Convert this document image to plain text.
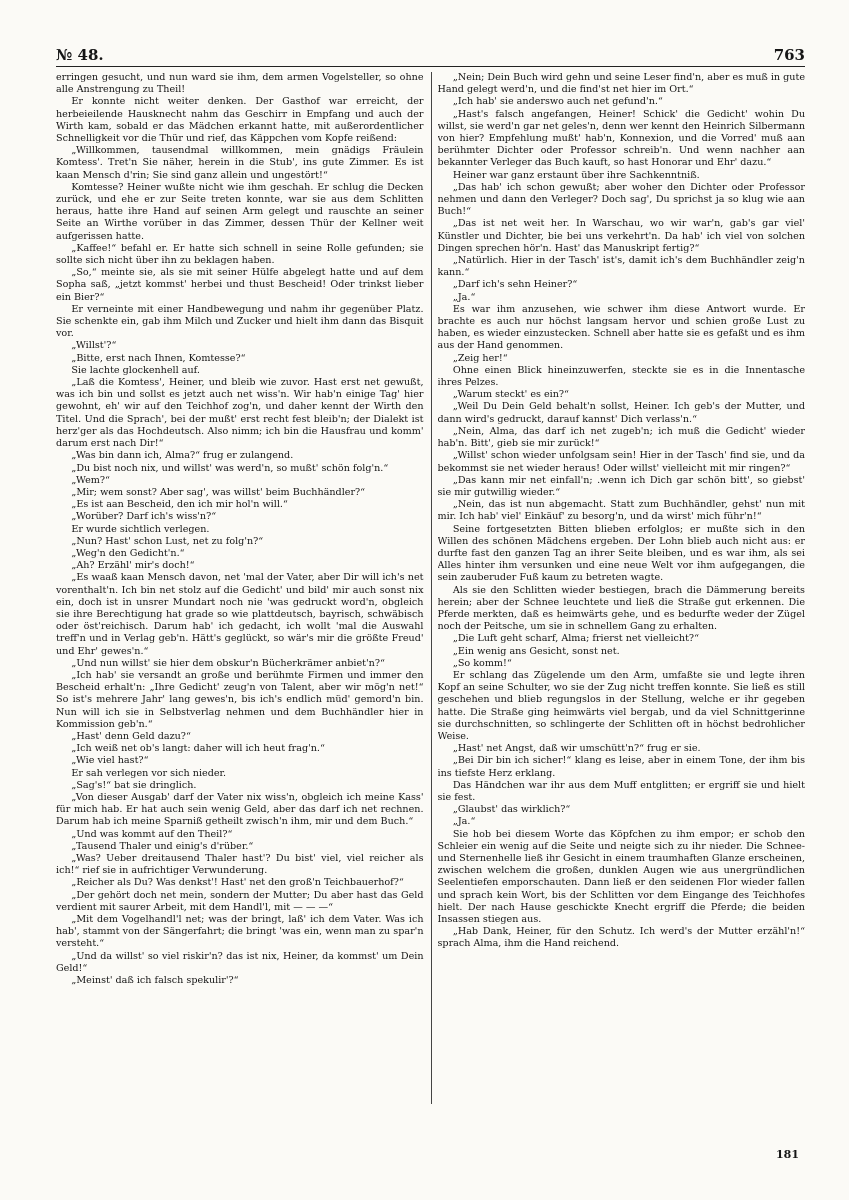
№ 48.	763

erringen gesucht, und nun ward sie ihm, dem armen Vogelsteller, so ohne alle Anstrengung zu Theil!

Er konnte nicht weiter denken. Der Gasthof war erreicht, der herbeieilende Hausknecht nahm das Geschirr in Empfang und auch der Wirth kam, sobald er das Mädchen erkannt hatte, mit außerordentlicher Schnelligkeit vor die Thür und rief, das Käppchen vom Kopfe reißend:

„Willkommen, tausendmal willkommen, mein gnädigs Fräulein Komtess'. Tret'n Sie näher, herein in die Stub', ins gute Zimmer. Es ist kaan Mensch d'rin; Sie sind ganz allein und ungestört!“

Komtesse? Heiner wußte nicht wie ihm geschah. Er schlug die Decken zurück, und ehe er zur Seite treten konnte, war sie aus dem Schlitten heraus, hatte ihre Hand auf seinen Arm gelegt und rauschte an seiner Seite an Wirthe vorüber in das Zimmer, dessen Thür der Kellner weit aufgerissen hatte.

„Kaffee!“ befahl er. Er hatte sich schnell in seine Rolle gefunden; sie sollte sich nicht über ihn zu beklagen haben.

„So,“ meinte sie, als sie mit seiner Hülfe abgelegt hatte und auf dem Sopha saß, „jetzt kommst' herbei und thust Bescheid! Oder trinkst lieber ein Bier?“

Er verneinte mit einer Handbewegung und nahm ihr gegenüber Platz. Sie schenkte ein, gab ihm Milch und Zucker und hielt ihm dann das Bisquit vor.

„Willst'?“

„Bitte, erst nach Ihnen, Komtesse?“

Sie lachte glockenhell auf.

„Laß die Komtess', Heiner, und bleib wie zuvor. Hast erst net gewußt, was ich bin und sollst es jetzt auch net wiss'n. Wir hab'n einige Tag' hier gewohnt, eh' wir auf den Teichhof zog'n, und daher kennt der Wirth den Titel. Und die Sprach', bei der mußt' erst recht fest bleib'n; der Dialekt ist herz'ger als das Hochdeutsch. Also nimm; ich bin die Hausfrau und komm' darum erst nach Dir!“

„Was bin dann ich, Alma?“ frug er zulangend.

„Du bist noch nix, und willst' was werd'n, so mußt' schön folg'n.“

„Wem?“

„Mir; wem sonst? Aber sag', was willst' beim Buchhändler?“

„Es ist aan Bescheid, den ich mir hol'n will.“

„Worüber? Darf ich's wiss'n?“

Er wurde sichtlich verlegen.

„Nun? Hast' schon Lust, net zu folg'n?“

„Weg'n den Gedicht'n.“

„Ah? Erzähl' mir's doch!“

„Es waaß kaan Mensch davon, net 'mal der Vater, aber Dir will ich's net vorenthalt'n. Ich bin net stolz auf die Gedicht' und bild' mir auch sonst nix ein, doch ist in unsrer Mundart noch nie 'was gedruckt word'n, obgleich sie ihre Berechtigung hat grade so wie plattdeutsch, bayrisch, schwäbisch oder öst'reichisch. Darum hab' ich gedacht, ich wollt 'mal die Auswahl treff'n und in Verlag geb'n. Hätt's geglückt, so wär's mir die größte Freud' und Ehr' gewes'n.“

„Und nun willst' sie hier dem obskur'n Bücherkrämer anbiet'n?“

„Ich hab' sie versandt an große und berühmte Firmen und immer den Bescheid erhalt'n: „Ihre Gedicht' zeug'n von Talent, aber wir mög'n net!“ So ist's mehrere Jahr' lang gewes'n, bis ich's endlich müd' gemord'n bin. Nun will ich sie in Selbstverlag nehmen und dem Buchhändler hier in Kommission geb'n.“

„Hast' denn Geld dazu?“

„Ich weiß net ob's langt: daher will ich heut frag'n.“

„Wie viel hast?“

Er sah verlegen vor sich nieder.

„Sag's!“ bat sie dringlich.

„Von dieser Ausgab' darf der Vater nix wiss'n, obgleich ich meine Kass' für mich hab. Er hat auch sein wenig Geld, aber das darf ich net rechnen. Darum hab ich meine Sparniß getheilt zwisch'n ihm, mir und dem Buch.“

„Und was kommt auf den Theil?“

„Tausend Thaler und einig's d'rüber.“

„Was? Ueber dreitausend Thaler hast'? Du bist' viel, viel reicher als ich!“ rief sie in aufrichtiger Verwunderung.

„Reicher als Du? Was denkst'! Hast' net den groß'n Teichbauerhof?“

„Der gehört doch net mein, sondern der Mutter; Du aber hast das Geld verdient mit saurer Arbeit, mit dem Handl'l, mit — — —“

„Mit dem Vogelhandl'l net; was der bringt, laß' ich dem Vater. Was ich hab', stammt von der Sängerfahrt; die bringt 'was ein, wenn man zu spar'n versteht.“

„Und da willst' so viel riskir'n? das ist nix, Heiner, da kommst' um Dein Geld!“

„Meinst' daß ich falsch spekulir'?“

„Nein; Dein Buch wird gehn und seine Leser find'n, aber es muß in gute Hand gelegt werd'n, und die find'st net hier im Ort.“

„Ich hab' sie anderswo auch net gefund'n.“

„Hast's falsch angefangen, Heiner! Schick' die Gedicht' wohin Du willst, sie werd'n gar net geles'n, denn wer kennt den Heinrich Silbermann von hier? Empfehlung mußt' hab'n, Konnexion, und die Vorred' muß aan berühmter Dichter oder Professor schreib'n. Und wenn nachher aan bekannter Verleger das Buch kauft, so hast Honorar und Ehr' dazu.“

Heiner war ganz erstaunt über ihre Sachkenntniß.

„Das hab' ich schon gewußt; aber woher den Dichter oder Professor nehmen und dann den Verleger? Doch sag', Du sprichst ja so klug wie aan Buch!“

„Das ist net weit her. In Warschau, wo wir war'n, gab's gar viel' Künstler und Dichter, bie bei uns verkehrt'n. Da hab' ich viel von solchen Dingen sprechen hör'n. Hast' das Manuskript fertig?“

„Natürlich. Hier in der Tasch' ist's, damit ich's dem Buchhändler zeig'n kann.“

„Darf ich's sehn Heiner?“

„Ja.“

Es war ihm anzusehen, wie schwer ihm diese Antwort wurde. Er brachte es auch nur höchst langsam hervor und schien große Lust zu haben, es wieder einzustecken. Schnell aber hatte sie es gefaßt und es ihm aus der Hand genommen.

„Zeig her!“

Ohne einen Blick hineinzuwerfen, steckte sie es in die Innentasche ihres Pelzes.

„Warum steckt' es ein?“

„Weil Du Dein Geld behalt'n sollst, Heiner. Ich geb's der Mutter, und dann wird's gedruckt, darauf kannst' Dich verlass'n.“

„Nein, Alma, das darf ich net zugeb'n; ich muß die Gedicht' wieder hab'n. Bitt', gieb sie mir zurück!“

„Willst' schon wieder unfolgsam sein! Hier in der Tasch' find sie, und da bekommst sie net wieder heraus! Oder willst' vielleicht mit mir ringen?“

„Das kann mir net einfall'n; .wenn ich Dich gar schön bitt', so giebst' sie mir gutwillig wieder.“

„Nein, das ist nun abgemacht. Statt zum Buchhändler, gehst' nun mit mir. Ich hab' viel' Einkäuf' zu besorg'n, und da wirst' mich führ'n!“

Seine fortgesetzten Bitten blieben erfolglos; er mußte sich in den Willen des schönen Mädchens ergeben. Der Lohn blieb auch nicht aus: er durfte fast den ganzen Tag an ihrer Seite bleiben, und es war ihm, als sei Alles hinter ihm versunken und eine neue Welt vor ihm aufgegangen, die sein zauberuder Fuß kaum zu betreten wagte.

Als sie den Schlitten wieder bestiegen, brach die Dämmerung bereits herein; aber der Schnee leuchtete und ließ die Straße gut erkennen. Die Pferde merkten, daß es heimwärts gehe, und es bedurfte weder der Zügel noch der Peitsche, um sie in schnellem Gang zu erhalten.

„Die Luft geht scharf, Alma; frierst net vielleicht?“

„Ein wenig ans Gesicht, sonst net.

„So komm!“

Er schlang das Zügelende um den Arm, umfaßte sie und legte ihren Kopf an seine Schulter, wo sie der Zug nicht treffen konnte. Sie ließ es still geschehen und blieb regungslos in der Stellung, welche er ihr gegeben hatte. Die Straße ging heimwärts viel bergab, und da viel Schnittgerinne sie durchschnitten, so schlingerte der Schlitten oft in höchst bedrohlicher Weise.

„Hast' net Angst, daß wir umschütt'n?“ frug er sie.

„Bei Dir bin ich sicher!“ klang es leise, aber in einem Tone, der ihm bis ins tiefste Herz erklang.

Das Händchen war ihr aus dem Muff entglitten; er ergriff sie und hielt sie fest.

„Glaubst' das wirklich?“

„Ja.“

Sie hob bei diesem Worte das Köpfchen zu ihm empor; er schob den Schleier ein wenig auf die Seite und neigte sich zu ihr nieder. Die Schnee- und Sternenhelle ließ ihr Gesicht in einem traumhaften Glanze erscheinen, zwischen welchem die großen, dunklen Augen wie aus unergründlichen Seelentiefen emporschauten. Dann ließ er den seidenen Flor wieder fallen und sprach kein Wort, bis der Schlitten vor dem Eingange des Teichhofes hielt. Der nach Hause geschickte Knecht ergriff die Pferde; die beiden Insassen stiegen aus.

„Hab Dank, Heiner, für den Schutz. Ich werd's der Mutter erzähl'n!“ sprach Alma, ihm die Hand reichend.

181
